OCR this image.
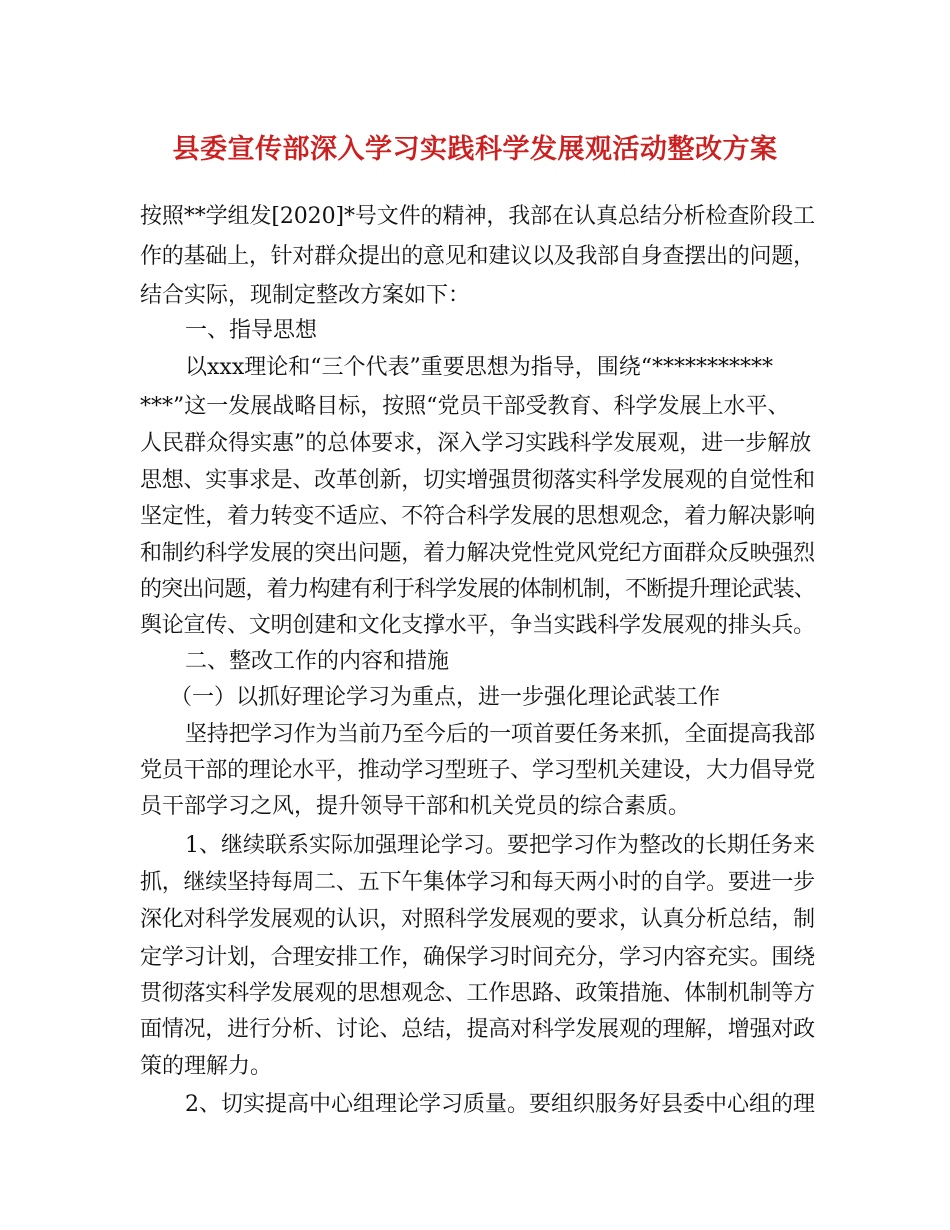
县委宣传部深入学习实践科学发展观活动整改方案

按照**学组发[2020]*号文件的精神，我部在认真总结分析检查阶段工

作的基础上，针对群众提出的意见和建议以及我部自身查摆出的问题，

结合实际，现制定整改方案如下：

一、指导思想

以xxx理论和“三个代表”重要思想为指导，围绕“***********

***”这一发展战略目标，按照“党员干部受教育、科学发展上水平、

人民群众得实惠”的总体要求，深入学习实践科学发展观，进一步解放

思想、实事求是、改革创新，切实增强贯彻落实科学发展观的自觉性和

坚定性，着力转变不适应、不符合科学发展的思想观念，着力解决影响

和制约科学发展的突出问题，着力解决党性党风党纪方面群众反映强烈

的突出问题，着力构建有利于科学发展的体制机制，不断提升理论武装、

舆论宣传、文明创建和文化支撑水平，争当实践科学发展观的排头兵。

二、整改工作的内容和措施

（一）以抓好理论学习为重点，进一步强化理论武装工作

坚持把学习作为当前乃至今后的一项首要任务来抓，全面提高我部

党员干部的理论水平，推动学习型班子、学习型机关建设，大力倡导党

员干部学习之风，提升领导干部和机关党员的综合素质。

1、继续联系实际加强理论学习。要把学习作为整改的长期任务来

抓，继续坚持每周二、五下午集体学习和每天两小时的自学。要进一步

深化对科学发展观的认识，对照科学发展观的要求，认真分析总结，制

定学习计划，合理安排工作，确保学习时间充分，学习内容充实。围绕

贯彻落实科学发展观的思想观念、工作思路、政策措施、体制机制等方

面情况，进行分析、讨论、总结，提高对科学发展观的理解，增强对政

策的理解力。

2、切实提高中心组理论学习质量。要组织服务好县委中心组的理
